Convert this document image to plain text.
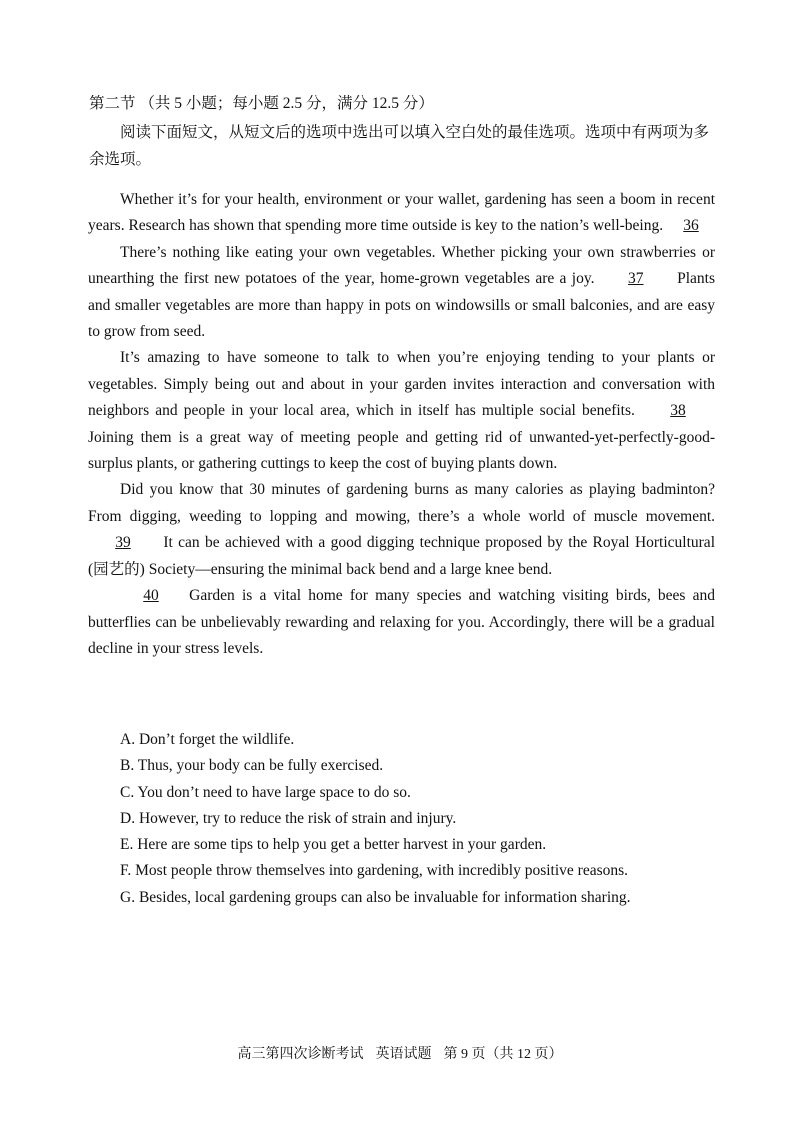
第二节 （共 5 小题；每小题 2.5 分，满分 12.5 分）

阅读下面短文，从短文后的选项中选出可以填入空白处的最佳选项。选项中有两项为多余选项。

Whether it’s for your health, environment or your wallet, gardening has seen a boom in recent years. Research has shown that spending more time outside is key to the nation’s well-being. 36

There’s nothing like eating your own vegetables. Whether picking your own strawberries or unearthing the first new potatoes of the year, home-grown vegetables are a joy. 37 Plants and smaller vegetables are more than happy in pots on windowsills or small balconies, and are easy to grow from seed.

It’s amazing to have someone to talk to when you’re enjoying tending to your plants or vegetables. Simply being out and about in your garden invites interaction and conversation with neighbors and people in your local area, which in itself has multiple social benefits. 38 Joining them is a great way of meeting people and getting rid of unwanted-yet-perfectly-good-surplus plants, or gathering cuttings to keep the cost of buying plants down.

Did you know that 30 minutes of gardening burns as many calories as playing badminton? From digging, weeding to lopping and mowing, there’s a whole world of muscle movement. 39 It can be achieved with a good digging technique proposed by the Royal Horticultural (园艺的) Society—ensuring the minimal back bend and a large knee bend.

40 Garden is a vital home for many species and watching visiting birds, bees and butterflies can be unbelievably rewarding and relaxing for you. Accordingly, there will be a gradual decline in your stress levels.

A. Don’t forget the wildlife.
B. Thus, your body can be fully exercised.
C. You don’t need to have large space to do so.
D. However, try to reduce the risk of strain and injury.
E. Here are some tips to help you get a better harvest in your garden.
F. Most people throw themselves into gardening, with incredibly positive reasons.
G. Besides, local gardening groups can also be invaluable for information sharing.
高三第四次诊断考试 英语试题 第 9 页（共 12 页）
